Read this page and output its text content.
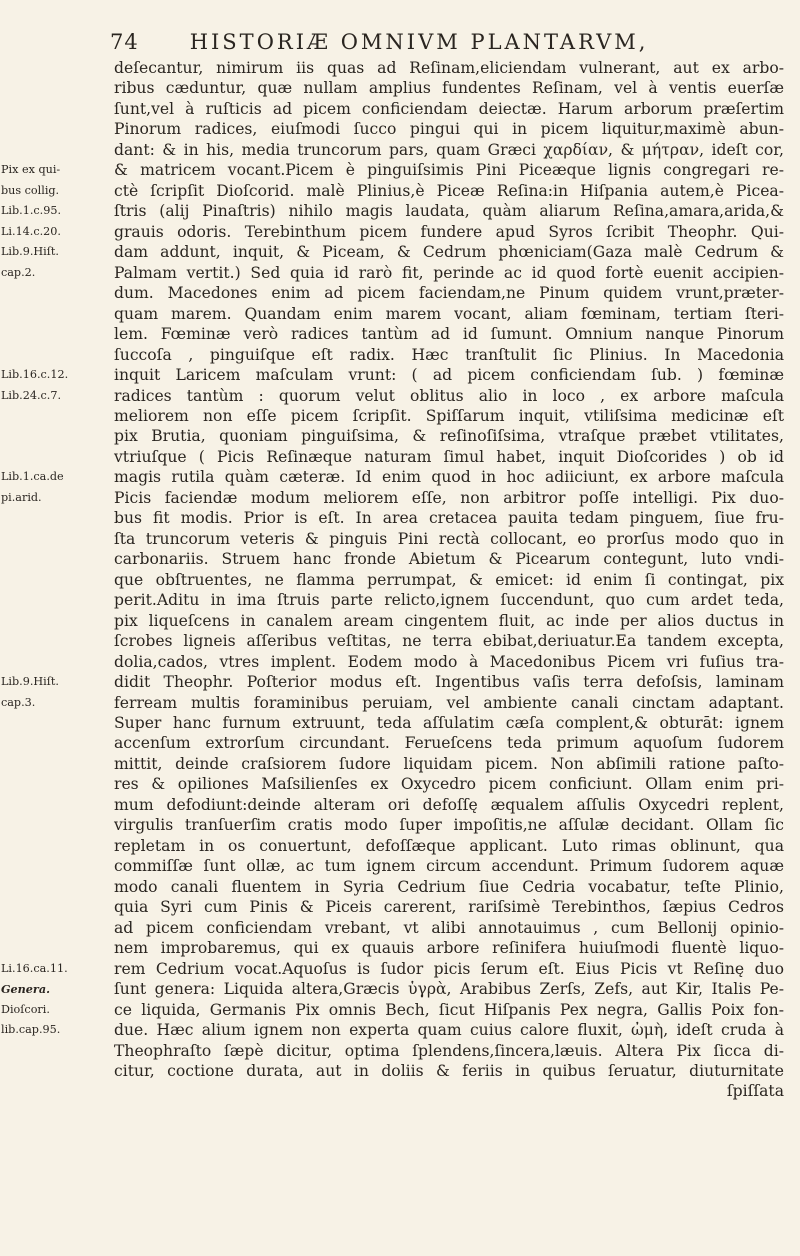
74 HISTORIÆ OMNIVM PLANTARVM,
deſecantur, nimirum iis quas ad Reſinam,eliciendam vulnerant, aut ex arbo-
ribus cæduntur, quæ nullam amplius fundentes Reſinam, vel à ventis euerſæ
ſunt,vel à ruſticis ad picem conficiendam deiectæ. Harum arborum præſertim
Pinorum radices, eiuſmodi ſucco pingui qui in picem liquitur,maximè abun-
dant: & in his, media truncorum pars, quam Græci χαρδίαν, & μήτραν, ideſt cor,
& matricem vocant.Picem è pinguiſsimis Pini Piceæque lignis congregari re-
Pix ex qui-
ctè ſcripſit Dioſcorid. malè Plinius,è Piceæ Reſina:in Hiſpania autem,è Picea-
bus collig.
ſtris (alij Pinaſtris) nihilo magis laudata, quàm aliarum Reſina,amara,arida,&
Lib.1.c.95.
grauis odoris. Terebinthum picem fundere apud Syros ſcribit Theophr. Qui-
Li.14.c.20.
dam addunt, inquit, & Piceam, & Cedrum phœniciam(Gaza malè Cedrum &
Lib.9.Hiſt.
Palmam vertit.) Sed quia id rarò fit, perinde ac id quod fortè euenit accipien-
cap.2.
dum. Macedones enim ad picem faciendam,ne Pinum quidem vrunt,præter-
quam marem. Quandam enim marem vocant, aliam fœminam, tertiam ſteri-
lem. Fœminæ verò radices tantùm ad id ſumunt. Omnium nanque Pinorum
ſuccoſa , pinguiſque eſt radix. Hæc tranſtulit ſic Plinius. In Macedonia
inquit Laricem maſculam vrunt: ( ad picem conficiendam ſub. ) fœminæ
Lib.16.c.12.
radices tantùm : quorum velut oblitus alio in loco , ex arbore maſcula
Lib.24.c.7.
meliorem non eſſe picem ſcripſit. Spiſſarum inquit, vtiliſsima medicinæ eſt
pix Brutia, quoniam pinguiſsima, & reſinoſiſsima, vtraſque præbet vtilitates,
vtriuſque ( Picis Reſinæque naturam ſimul habet, inquit Dioſcorides ) ob id
magis rutila quàm cæteræ. Id enim quod in hoc adiiciunt, ex arbore maſcula
Lib.1.ca.de
Picis faciendæ modum meliorem eſſe, non arbitror poſſe intelligi. Pix duo-
pi.arid.
bus fit modis. Prior is eſt. In area cretacea pauita tedam pinguem, ſiue fru-
ſta truncorum veteris & pinguis Pini rectà collocant, eo prorſus modo quo in
carbonariis. Struem hanc fronde Abietum & Picearum contegunt, luto vndi-
que obſtruentes, ne flamma perrumpat, & emicet: id enim ſi contingat, pix
perit.Aditu in ima ſtruis parte relicto,ignem ſuccendunt, quo cum ardet teda,
pix liqueſcens in canalem aream cingentem fluit, ac inde per alios ductus in
ſcrobes ligneis aſſeribus veſtitas, ne terra ebibat,deriuatur.Ea tandem excepta,
dolia,cados, vtres implent. Eodem modo à Macedonibus Picem vri fuſius tra-
didit Theophr. Poſterior modus eſt. Ingentibus vaſis terra defoſsis, laminam
Lib.9.Hiſt.
ferream multis foraminibus peruiam, vel ambiente canali cinctam adaptant.
cap.3.
Super hanc furnum extruunt, teda aſſulatim cæſa complent,& obturāt: ignem
accenſum extrorſum circundant. Ferueſcens teda primum aquoſum ſudorem
mittit, deinde craſsiorem ſudore liquidam picem. Non abſimili ratione paſto-
res & opiliones Maſsilienſes ex Oxycedro picem conficiunt. Ollam enim pri-
mum defodiunt:deinde alteram ori defoſſę æqualem aſſulis Oxycedri replent,
virgulis tranſuerſim cratis modo ſuper impoſitis,ne aſſulæ decidant. Ollam ſic
repletam in os conuertunt, defoſſæque applicant. Luto rimas oblinunt, qua
commiſſæ ſunt ollæ, ac tum ignem circum accendunt. Primum ſudorem aquæ
modo canali fluentem in Syria Cedrium ſiue Cedria vocabatur, teſte Plinio,
quia Syri cum Pinis & Piceis carerent, rariſsimè Terebinthos, ſæpius Cedros
ad picem conficiendam vrebant, vt alibi annotauimus , cum Bellonij opinio-
nem improbaremus, qui ex quauis arbore reſinifera huiuſmodi fluentè liquo-
rem Cedrium vocat.Aquoſus is ſudor picis ſerum eſt. Eius Picis vt Reſinę duo
Li.16.ca.11.
ſunt genera: Liquida altera,Græcis ὑγρὰ, Arabibus Zerſs, Zefs, aut Kir, Italis Pe-
Genera.
ce liquida, Germanis Pix omnis Bech, ſicut Hiſpanis Pex negra, Gallis Poix fon-
Dioſcori.
due. Hæc alium ignem non experta quam cuius calore fluxit, ὠμὴ, ideſt cruda à
lib.cap.95.
Theophraſto ſæpè dicitur, optima ſplendens,ſincera,læuis. Altera Pix ſicca di-
citur, coctione durata, aut in doliis & feriis in quibus ſeruatur, diuturnitate
ſpiſſata
